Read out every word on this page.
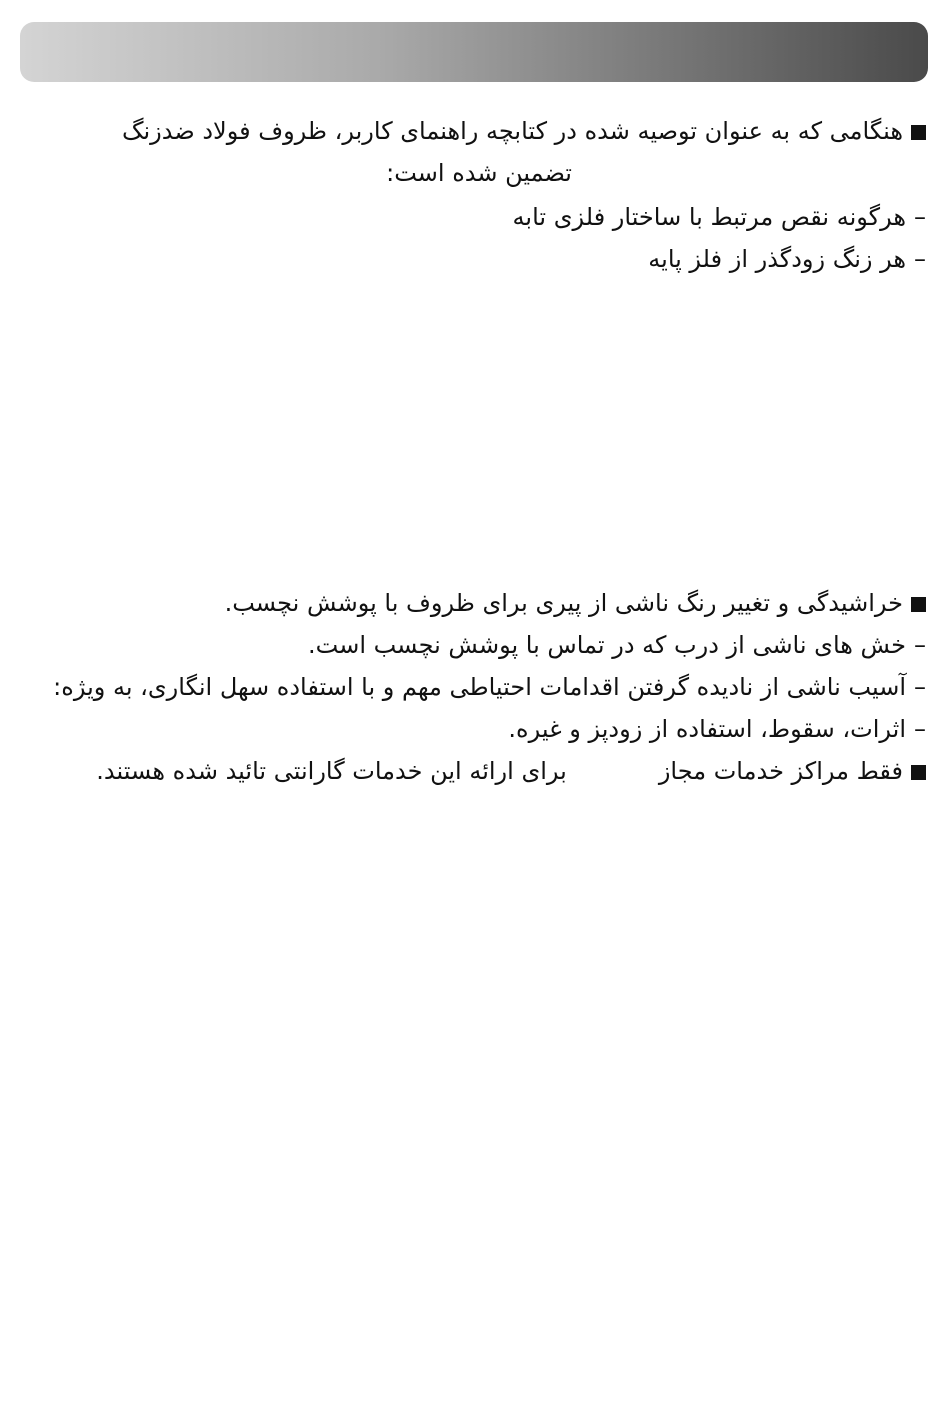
هنگامی که به عنوان توصیه شده در کتابچه راهنمای کاربر، ظروف فولاد ضدزنگ
تضمین شده است:
–هرگونه نقص مرتبط با ساختار فلزی تابه
–هر زنگ زودگذر از فلز پایه
خراشیدگی و تغییر رنگ ناشی از پیری برای ظروف با پوشش نچسب.
–خش های ناشی از درب که در تماس با پوشش نچسب است.
–آسیب ناشی از نادیده گرفتن اقدامات احتیاطی مهم و با استفاده سهل انگاری، به ویژه:
–اثرات، سقوط، استفاده از زودپز و غیره.
فقط مراکز خدمات مجازبرای ارائه این خدمات گارانتی تائید شده هستند.
